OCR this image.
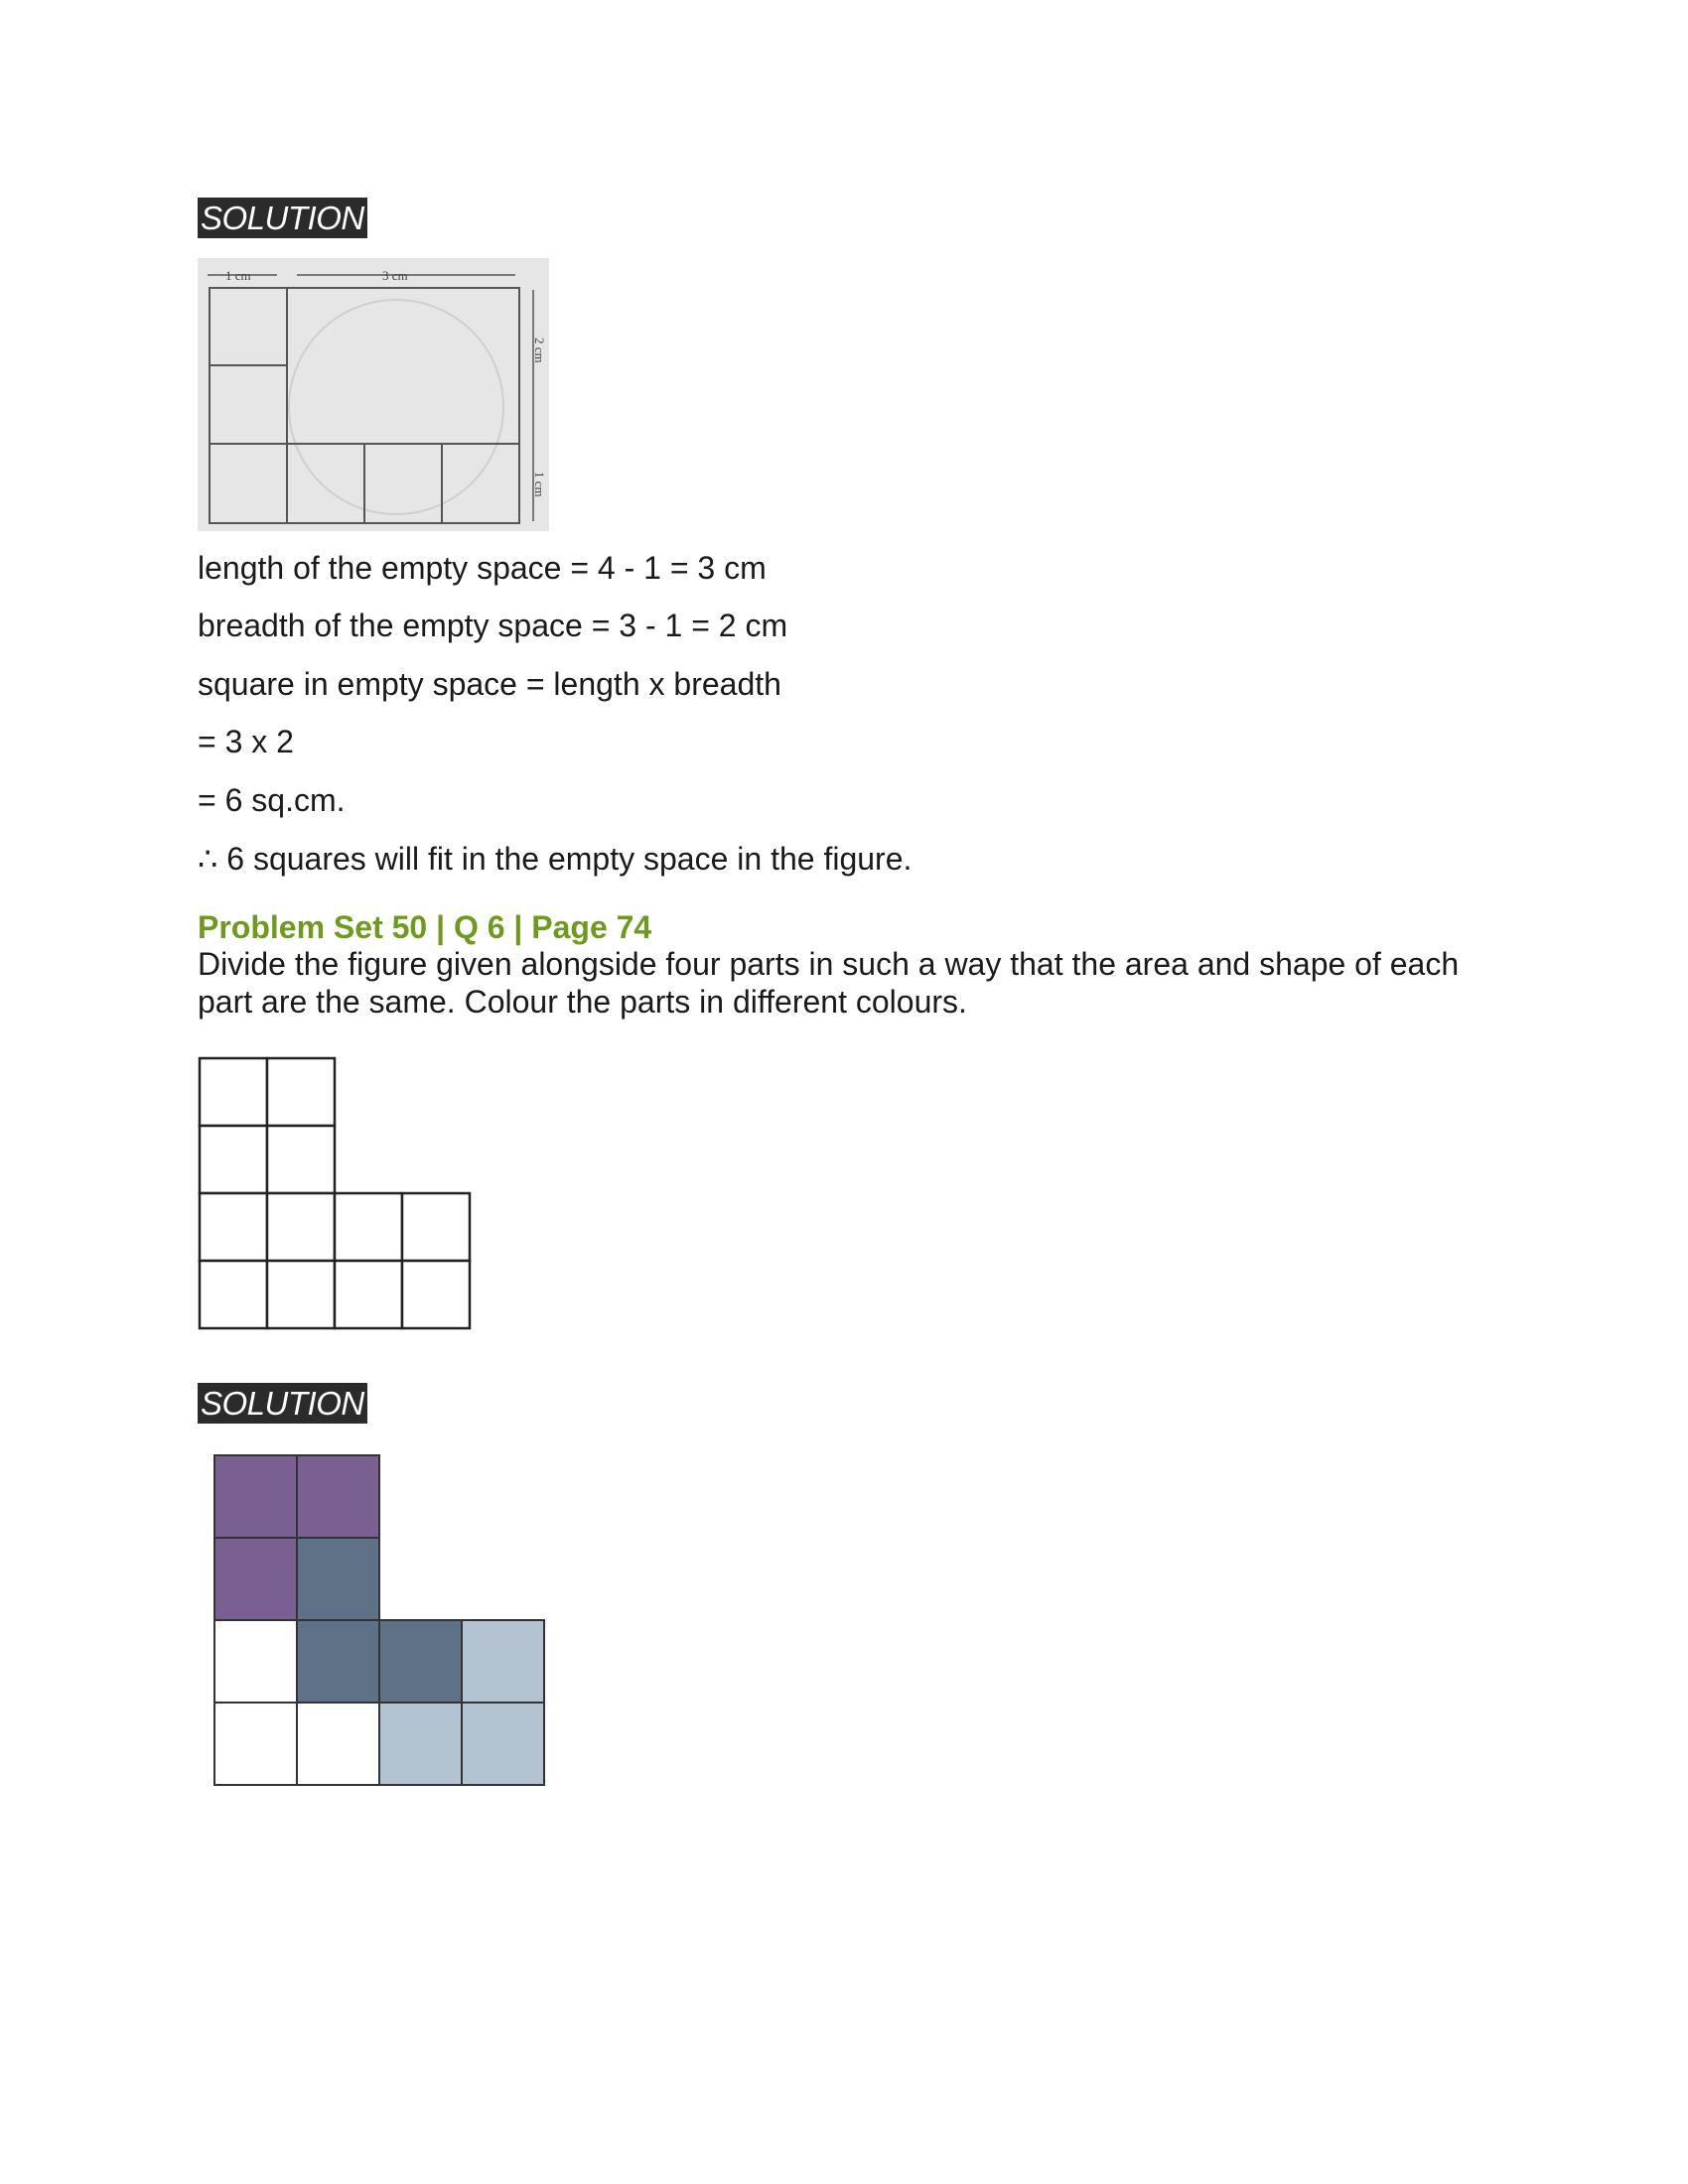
SOLUTION
1 cm	3 cm
2 cm
1 cm
length of the empty space = 4 - 1 = 3 cm
breadth of the empty space = 3 - 1 = 2 cm
square in empty space = length x breadth
= 3 x 2
= 6 sq.cm.
∴ 6 squares will fit in the empty space in the figure.
Problem Set 50 | Q 6 | Page 74
Divide the figure given alongside four parts in such a way that the area and shape of each part are the same. Colour the parts in different colours.
SOLUTION
